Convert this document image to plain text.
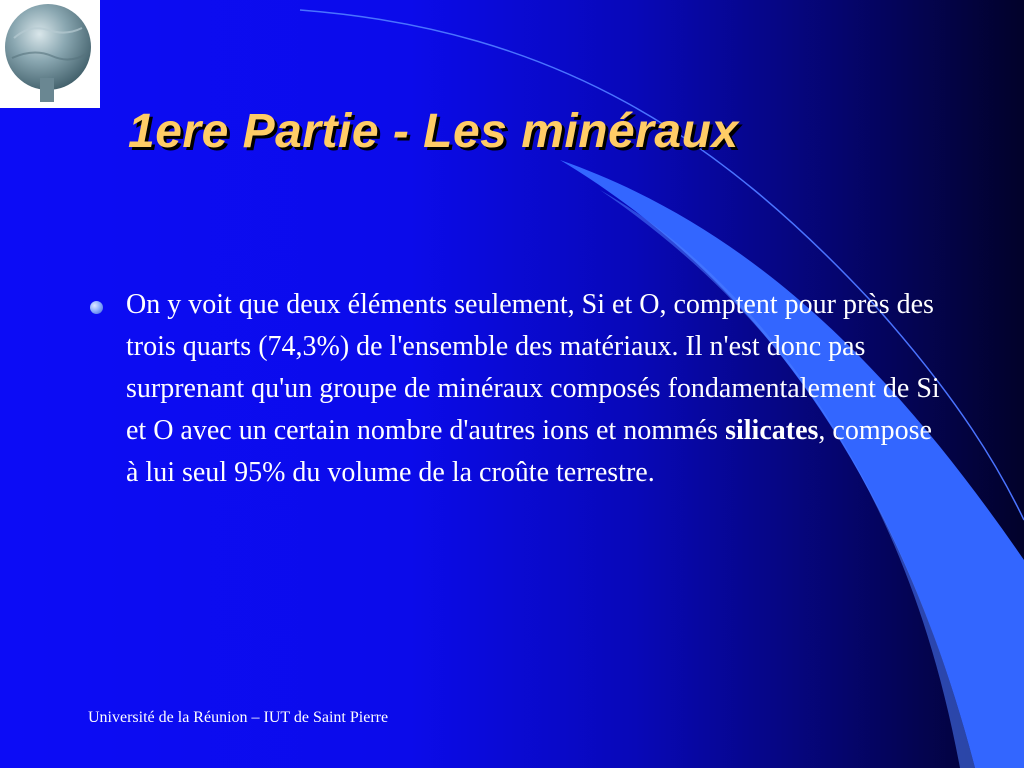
1ere Partie - Les minéraux

On y voit que deux éléments seulement, Si et O, comptent pour près des trois quarts (74,3%) de l'ensemble des matériaux. Il n'est donc pas surprenant qu'un groupe de minéraux composés fondamentalement de Si et O avec un certain nombre d'autres ions et nommés silicates, compose à lui seul 95% du volume de la croûte terrestre.

Université de la Réunion – IUT de Saint Pierre
